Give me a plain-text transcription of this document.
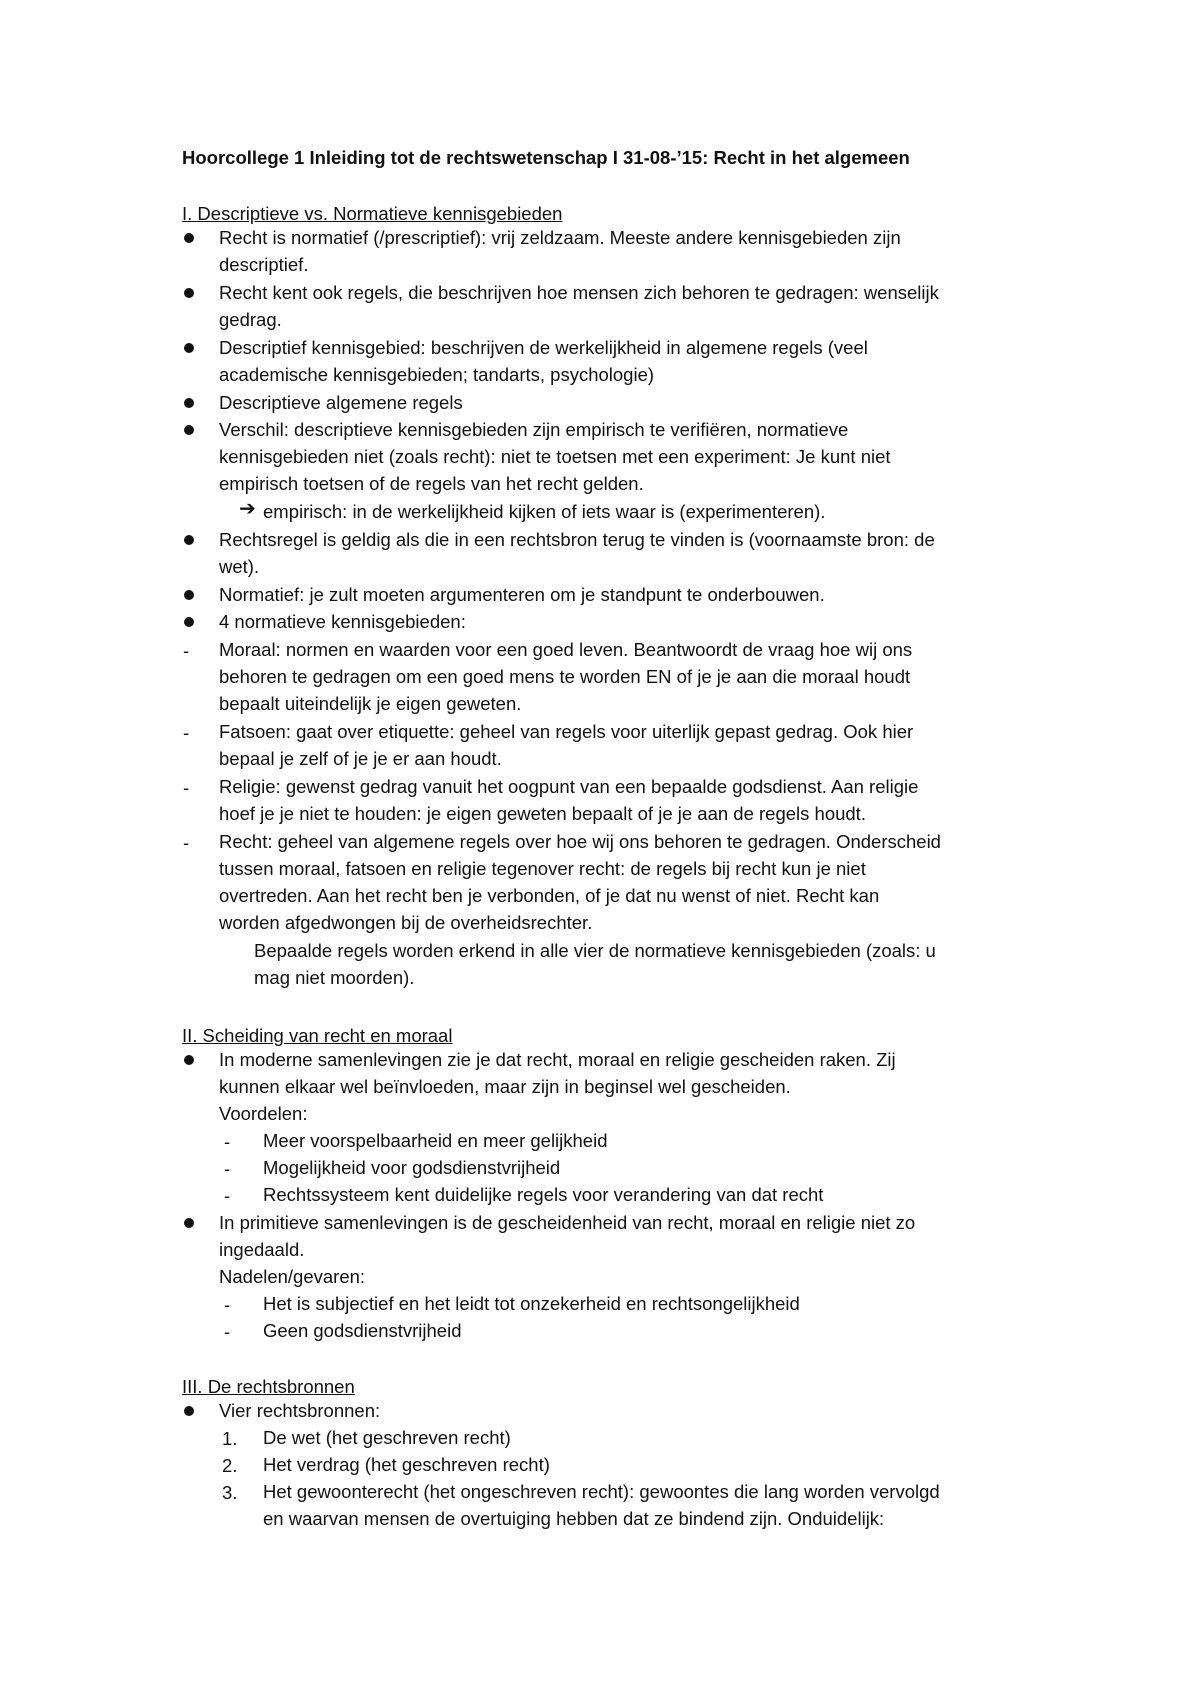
Hoorcollege 1 Inleiding tot de rechtswetenschap I 31-08-’15: Recht in het algemeen
I. Descriptieve vs. Normatieve kennisgebieden
Recht is normatief (/prescriptief): vrij zeldzaam. Meeste andere kennisgebieden zijn
descriptief.
Recht kent ook regels, die beschrijven hoe mensen zich behoren te gedragen: wenselijk
gedrag.
Descriptief kennisgebied: beschrijven de werkelijkheid in algemene regels (veel
academische kennisgebieden; tandarts, psychologie)
Descriptieve algemene regels
Verschil: descriptieve kennisgebieden zijn empirisch te verifiëren, normatieve
kennisgebieden niet (zoals recht): niet te toetsen met een experiment: Je kunt niet
empirisch toetsen of de regels van het recht gelden.
➔ empirisch: in de werkelijkheid kijken of iets waar is (experimenteren).
Rechtsregel is geldig als die in een rechtsbron terug te vinden is (voornaamste bron: de
wet).
Normatief: je zult moeten argumenteren om je standpunt te onderbouwen.
4 normatieve kennisgebieden:
- Moraal: normen en waarden voor een goed leven. Beantwoordt de vraag hoe wij ons
behoren te gedragen om een goed mens te worden EN of je je aan die moraal houdt
bepaalt uiteindelijk je eigen geweten.
- Fatsoen: gaat over etiquette: geheel van regels voor uiterlijk gepast gedrag. Ook hier
bepaal je zelf of je je er aan houdt.
- Religie: gewenst gedrag vanuit het oogpunt van een bepaalde godsdienst. Aan religie
hoef je je niet te houden: je eigen geweten bepaalt of je je aan de regels houdt.
- Recht: geheel van algemene regels over hoe wij ons behoren te gedragen. Onderscheid
tussen moraal, fatsoen en religie tegenover recht: de regels bij recht kun je niet
overtreden. Aan het recht ben je verbonden, of je dat nu wenst of niet. Recht kan
worden afgedwongen bij de overheidsrechter.
Bepaalde regels worden erkend in alle vier de normatieve kennisgebieden (zoals: u
mag niet moorden).
II. Scheiding van recht en moraal
In moderne samenlevingen zie je dat recht, moraal en religie gescheiden raken. Zij
kunnen elkaar wel beïnvloeden, maar zijn in beginsel wel gescheiden.
Voordelen:
- Meer voorspelbaarheid en meer gelijkheid
- Mogelijkheid voor godsdienstvrijheid
- Rechtssysteem kent duidelijke regels voor verandering van dat recht
In primitieve samenlevingen is de gescheidenheid van recht, moraal en religie niet zo
ingedaald.
Nadelen/gevaren:
- Het is subjectief en het leidt tot onzekerheid en rechtsongelijkheid
- Geen godsdienstvrijheid
III. De rechtsbronnen
Vier rechtsbronnen:
1. De wet (het geschreven recht)
2. Het verdrag (het geschreven recht)
3. Het gewoonterecht (het ongeschreven recht): gewoontes die lang worden vervolgd
en waarvan mensen de overtuiging hebben dat ze bindend zijn. Onduidelijk:
